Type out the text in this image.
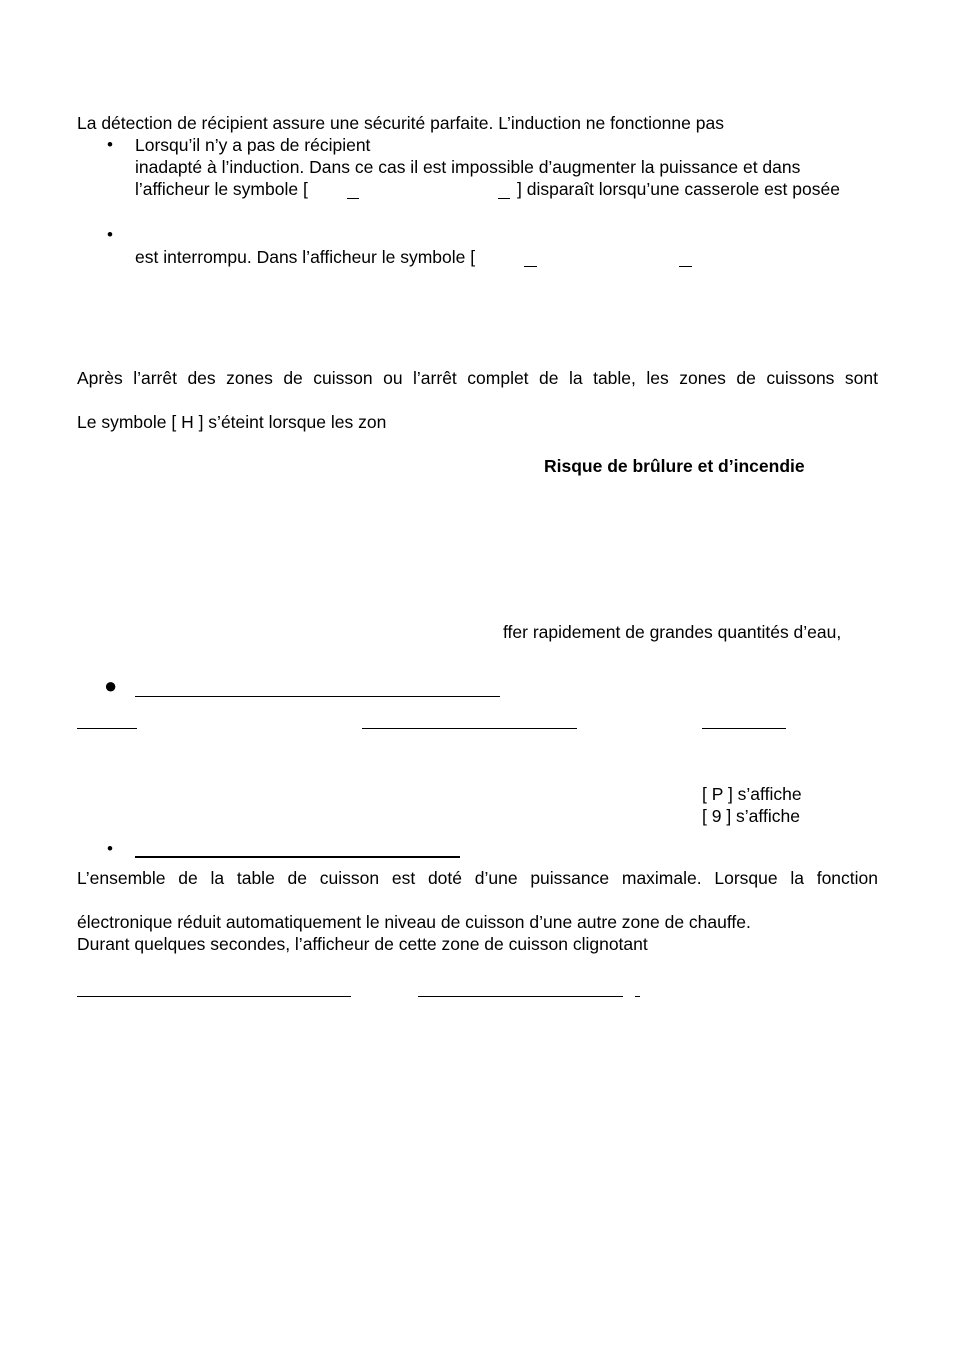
La détection de récipient assure une sécurité parfaite. L’induction ne fonctionne pas
• Lorsqu’il n’y a pas de récipient
inadapté à l’induction. Dans ce cas il est impossible d’augmenter la puissance et dans
l’afficheur le symbole [	] disparaît lorsqu’une casserole est posée
•
est interrompu. Dans l’afficheur le symbole [
Après l’arrêt des zones de cuisson ou l’arrêt complet de la table, les zones de cuissons sont
Le symbole [ H ] s’éteint lorsque les zon
Risque de brûlure et d’incendie
ffer rapidement de grandes quantités d’eau,
●
[ P ] s’affiche
[ 9 ] s’affiche
•
L’ensemble de la table de cuisson est doté d’une puissance maximale. Lorsque la fonction
électronique réduit automatiquement le niveau de cuisson d’une autre zone de chauffe.
Durant quelques secondes, l’afficheur de cette zone de cuisson clignotant
